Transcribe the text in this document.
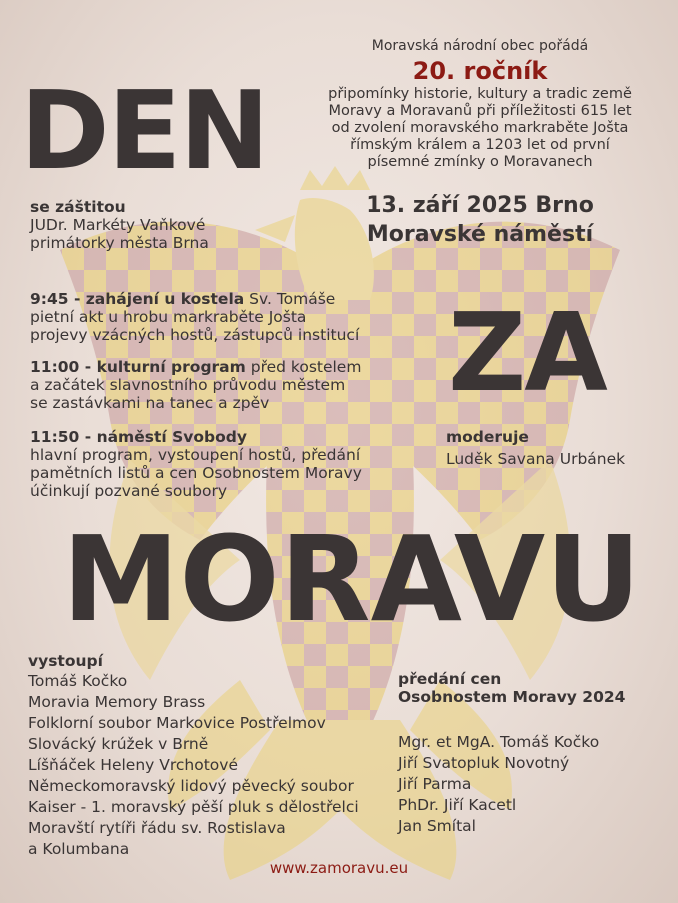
Moravská národní obec pořádá
20. ročník
připomínky historie, kultury a tradic země
Moravy a Moravanů při příležitosti 615 let
od zvolení moravského markraběte Jošta
římským králem a 1203 let od první
písemné zmínky o Moravanech
DEN
ZA
MORAVU
13. září 2025 Brno
Moravské náměstí
se záštitou
JUDr. Markéty Vaňkové
primátorky města Brna
9:45 - zahájení u kostela Sv. Tomáše
pietní akt u hrobu markraběte Jošta
projevy vzácných hostů, zástupců institucí
11:00 - kulturní program před kostelem
a začátek slavnostního průvodu městem
se zastávkami na tanec a zpěv
11:50 - náměstí Svobody
hlavní program, vystoupení hostů, předání
pamětních listů a cen Osobnostem Moravy
účinkují pozvané soubory
moderuje
Luděk Savana Urbánek
vystoupí
Tomáš Kočko
Moravia Memory Brass
Folklorní soubor Markovice Postřelmov
Slovácký krúžek v Brně
Líšňáček Heleny Vrchotové
Německomoravský lidový pěvecký soubor
Kaiser - 1. moravský pěší pluk s dělostřelci
Moravští rytíři řádu sv. Rostislava
a Kolumbana
předání cen
Osobnostem Moravy 2024
Mgr. et MgA. Tomáš Kočko
Jiří Svatopluk Novotný
Jiří Parma
PhDr. Jiří Kacetl
Jan Smítal
www.zamoravu.eu
